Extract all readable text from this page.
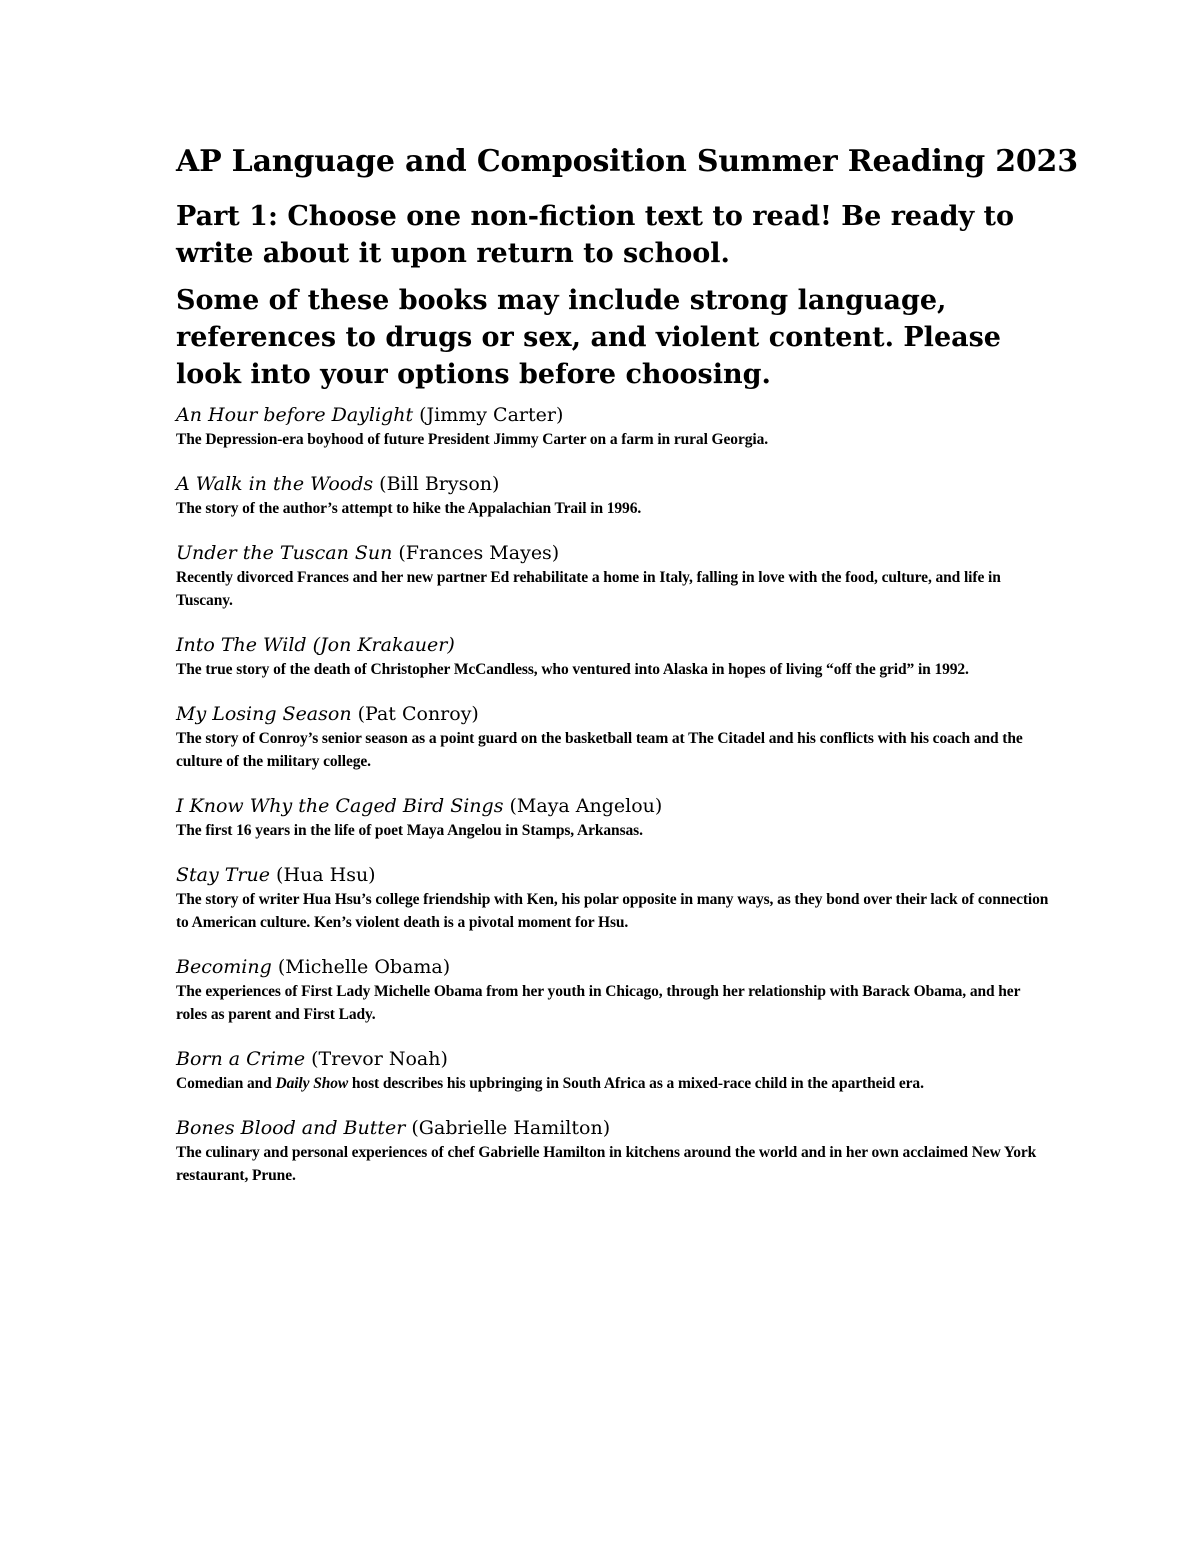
AP Language and Composition Summer Reading 2023

Part 1: Choose one non-fiction text to read! Be ready to write about it upon return to school.

Some of these books may include strong language, references to drugs or sex, and violent content. Please look into your options before choosing.

An Hour before Daylight (Jimmy Carter)

The Depression-era boyhood of future President Jimmy Carter on a farm in rural Georgia.

A Walk in the Woods (Bill Bryson)

The story of the author’s attempt to hike the Appalachian Trail in 1996.

Under the Tuscan Sun (Frances Mayes)

Recently divorced Frances and her new partner Ed rehabilitate a home in Italy, falling in love with the food, culture, and life in Tuscany.

Into The Wild (Jon Krakauer)

The true story of the death of Christopher McCandless, who ventured into Alaska in hopes of living “off the grid” in 1992.

My Losing Season (Pat Conroy)

The story of Conroy’s senior season as a point guard on the basketball team at The Citadel and his conflicts with his coach and the culture of the military college.

I Know Why the Caged Bird Sings (Maya Angelou)

The first 16 years in the life of poet Maya Angelou in Stamps, Arkansas.

Stay True (Hua Hsu)

The story of writer Hua Hsu’s college friendship with Ken, his polar opposite in many ways, as they bond over their lack of connection to American culture. Ken’s violent death is a pivotal moment for Hsu.

Becoming (Michelle Obama)

The experiences of First Lady Michelle Obama from her youth in Chicago, through her relationship with Barack Obama, and her roles as parent and First Lady.

Born a Crime (Trevor Noah)

Comedian and Daily Show host describes his upbringing in South Africa as a mixed-race child in the apartheid era.

Bones Blood and Butter (Gabrielle Hamilton)

The culinary and personal experiences of chef Gabrielle Hamilton in kitchens around the world and in her own acclaimed New York restaurant, Prune.
